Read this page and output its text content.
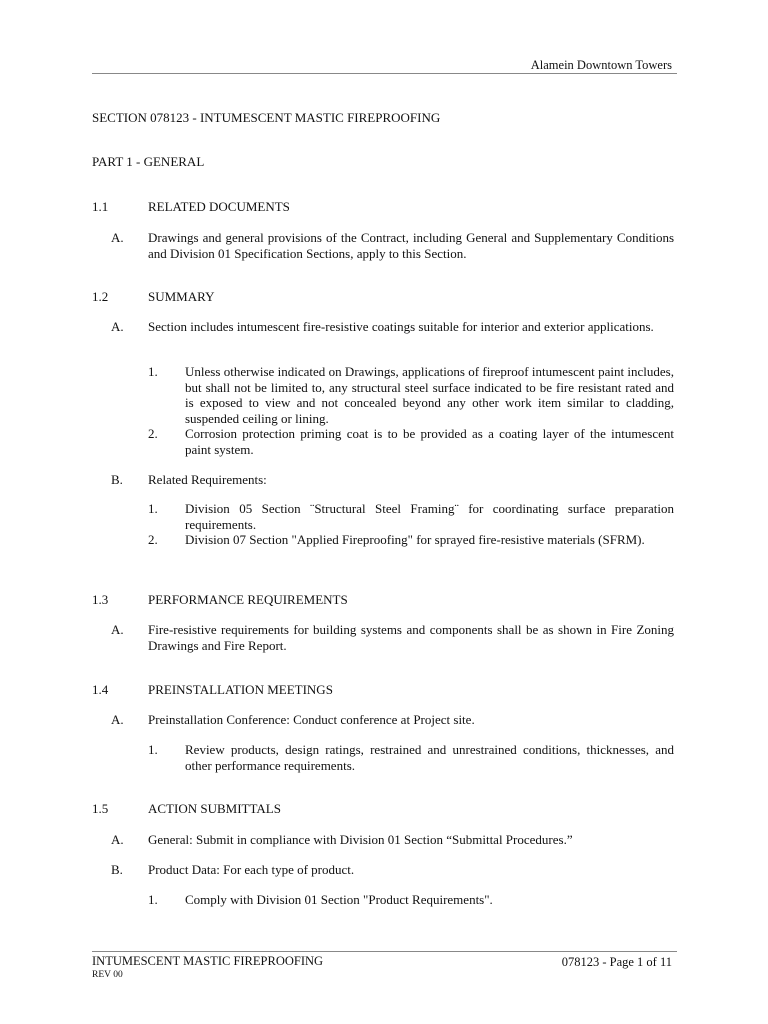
Alamein Downtown Towers
SECTION 078123 - INTUMESCENT MASTIC FIREPROOFING
PART 1 - GENERAL
1.1	RELATED DOCUMENTS
A. Drawings and general provisions of the Contract, including General and Supplementary Conditions and Division 01 Specification Sections, apply to this Section.
1.2	SUMMARY
A. Section includes intumescent fire-resistive coatings suitable for interior and exterior applications.
1. Unless otherwise indicated on Drawings, applications of fireproof intumescent paint includes, but shall not be limited to, any structural steel surface indicated to be fire resistant rated and is exposed to view and not concealed beyond any other work item similar to cladding, suspended ceiling or lining.
2. Corrosion protection priming coat is to be provided as a coating layer of the intumescent paint system.
B. Related Requirements:
1. Division 05 Section ¨Structural Steel Framing¨ for coordinating surface preparation requirements.
2. Division 07 Section "Applied Fireproofing" for sprayed fire-resistive materials (SFRM).
1.3	PERFORMANCE REQUIREMENTS
A. Fire-resistive requirements for building systems and components shall be as shown in Fire Zoning Drawings and Fire Report.
1.4	PREINSTALLATION MEETINGS
A. Preinstallation Conference: Conduct conference at Project site.
1. Review products, design ratings, restrained and unrestrained conditions, thicknesses, and other performance requirements.
1.5	ACTION SUBMITTALS
A. General: Submit in compliance with Division 01 Section “Submittal Procedures.”
B. Product Data: For each type of product.
1. Comply with Division 01 Section "Product Requirements".
INTUMESCENT MASTIC FIREPROOFING
REV 00
078123 - Page 1 of 11
